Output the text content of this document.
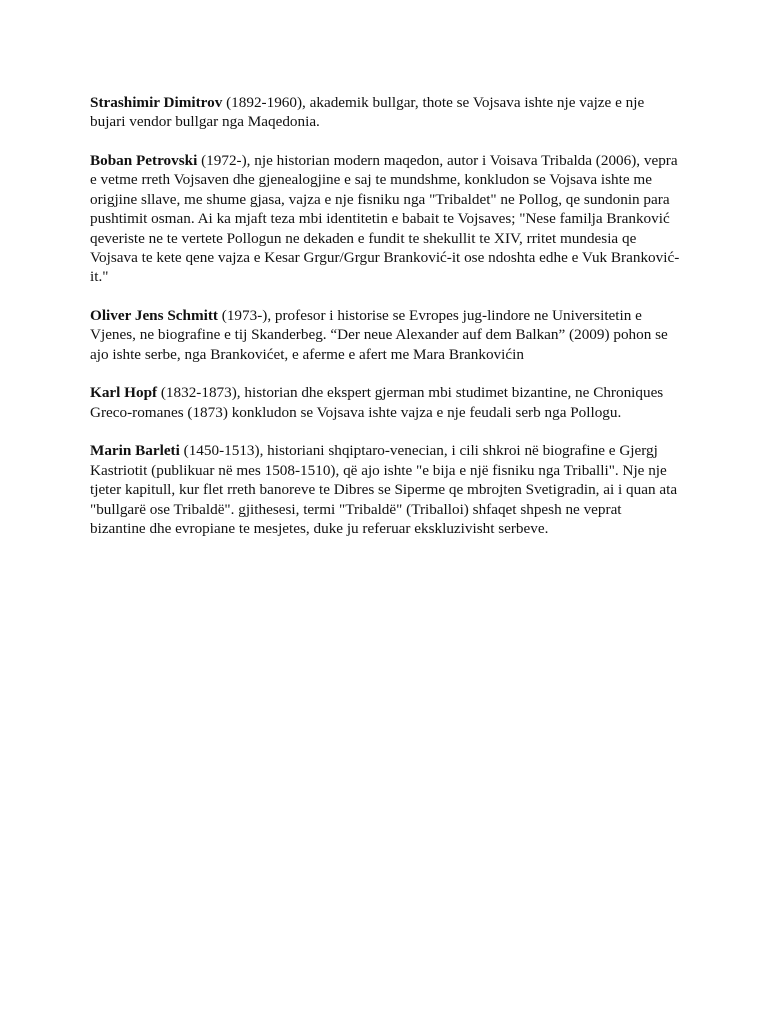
Strashimir Dimitrov (1892-1960), akademik bullgar, thote se Vojsava ishte nje vajze e nje bujari vendor bullgar nga Maqedonia.

Boban Petrovski (1972-), nje historian modern maqedon, autor i Voisava Tribalda (2006), vepra e vetme rreth Vojsaven dhe gjenealogjine e saj te mundshme, konkludon se Vojsava ishte me origjine sllave, me shume gjasa, vajza e nje fisniku nga "Tribaldet" ne Pollog, qe sundonin para pushtimit osman. Ai ka mjaft teza mbi identitetin e babait te Vojsaves; "Nese familja Branković qeveriste ne te vertete Pollogun ne dekaden e fundit te shekullit te XIV, rritet mundesia qe Vojsava te kete qene vajza e Kesar Grgur/Grgur Branković-it ose ndoshta edhe e Vuk Branković-it."

Oliver Jens Schmitt (1973-), profesor i historise se Evropes jug-lindore ne Universitetin e Vjenes, ne biografine e tij Skanderbeg. “Der neue Alexander auf dem Balkan” (2009) pohon se ajo ishte serbe, nga Brankovićet, e aferme e afert me Mara Brankovićin

Karl Hopf (1832-1873), historian dhe ekspert gjerman mbi studimet bizantine, ne Chroniques Greco-romanes (1873) konkludon se Vojsava ishte vajza e nje feudali serb nga Pollogu.

Marin Barleti (1450-1513), historiani shqiptaro-venecian, i cili shkroi në biografine e Gjergj Kastriotit (publikuar në mes 1508-1510), që ajo ishte "e bija e një fisniku nga Triballi". Nje nje tjeter kapitull, kur flet rreth banoreve te Dibres se Siperme qe mbrojten Svetigradin, ai i quan ata "bullgarë ose Tribaldë". gjithesesi, termi "Tribaldë" (Triballoi) shfaqet shpesh ne veprat bizantine dhe evropiane te mesjetes, duke ju referuar ekskluzivisht serbeve.
